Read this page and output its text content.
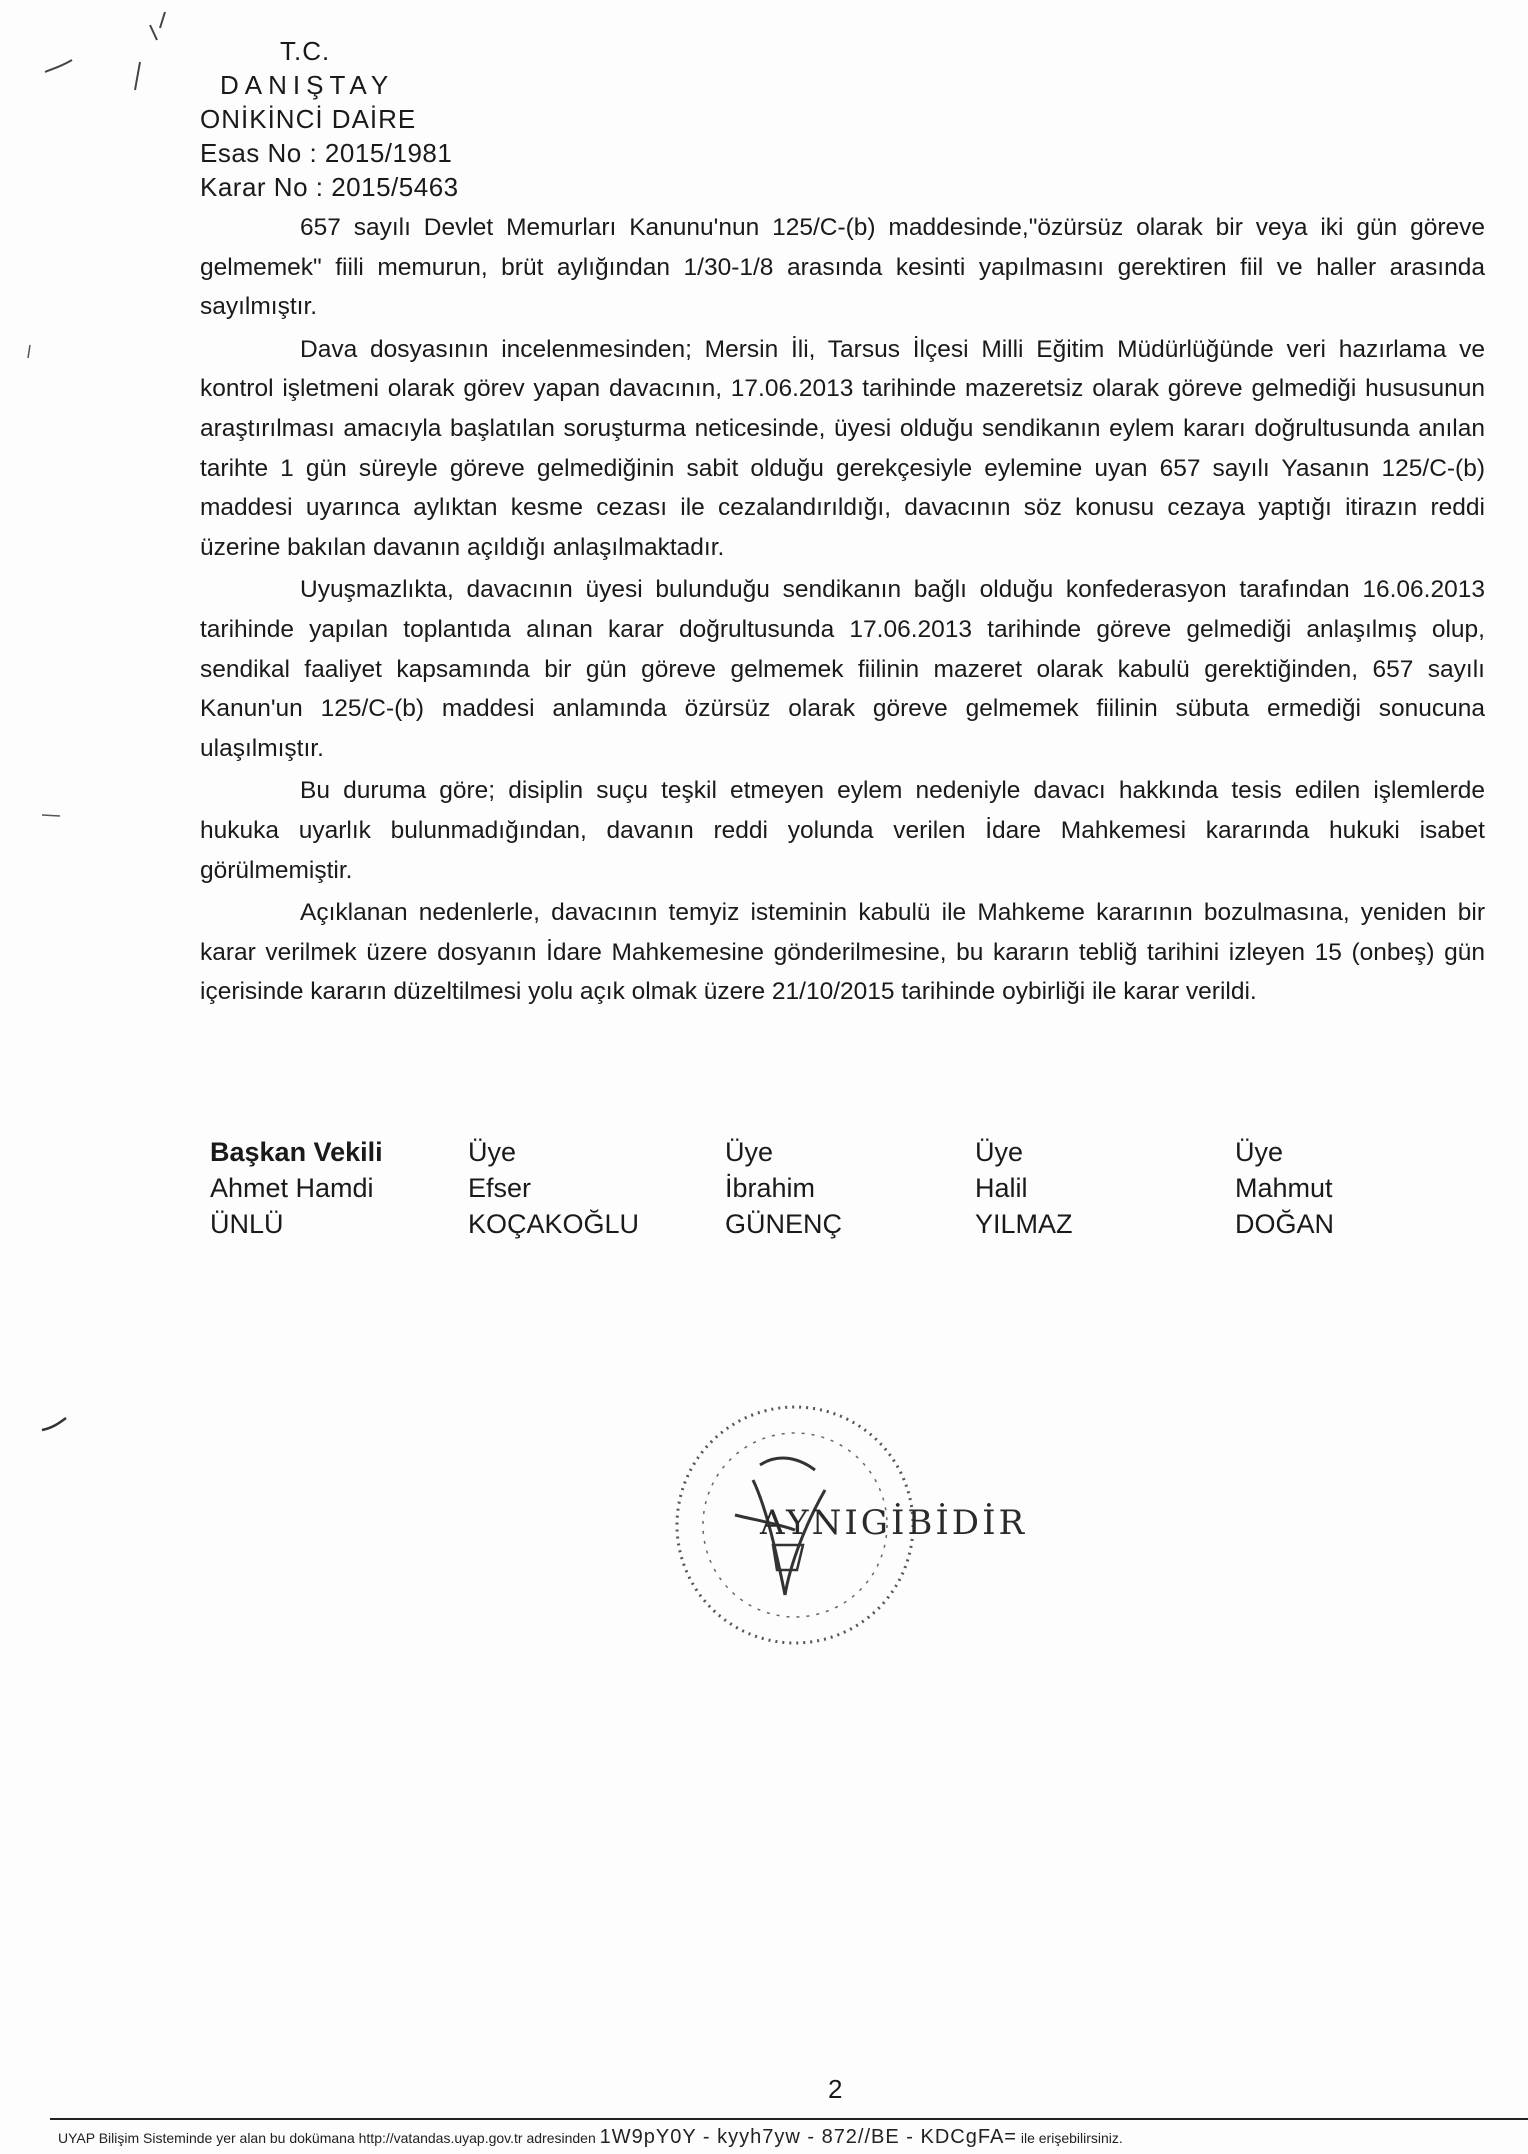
T.C.
DANIŞTAY
ONİKİNCİ DAİRE
Esas No : 2015/1981
Karar No : 2015/5463

657 sayılı Devlet Memurları Kanunu'nun 125/C-(b) maddesinde,"özürsüz olarak bir veya iki gün göreve gelmemek" fiili memurun, brüt aylığından 1/30-1/8 arasında kesinti yapılmasını gerektiren fiil ve haller arasında sayılmıştır.

Dava dosyasının incelenmesinden; Mersin İli, Tarsus İlçesi Milli Eğitim Müdürlüğünde veri hazırlama ve kontrol işletmeni olarak görev yapan davacının, 17.06.2013 tarihinde mazeretsiz olarak göreve gelmediği hususunun araştırılması amacıyla başlatılan soruşturma neticesinde, üyesi olduğu sendikanın eylem kararı doğrultusunda anılan tarihte 1 gün süreyle göreve gelmediğinin sabit olduğu gerekçesiyle eylemine uyan 657 sayılı Yasanın 125/C-(b) maddesi uyarınca aylıktan kesme cezası ile cezalandırıldığı, davacının söz konusu cezaya yaptığı itirazın reddi üzerine bakılan davanın açıldığı anlaşılmaktadır.

Uyuşmazlıkta, davacının üyesi bulunduğu sendikanın bağlı olduğu konfederasyon tarafından 16.06.2013 tarihinde yapılan toplantıda alınan karar doğrultusunda 17.06.2013 tarihinde göreve gelmediği anlaşılmış olup, sendikal faaliyet kapsamında bir gün göreve gelmemek fiilinin mazeret olarak kabulü gerektiğinden, 657 sayılı Kanun'un 125/C-(b) maddesi anlamında özürsüz olarak göreve gelmemek fiilinin sübuta ermediği sonucuna ulaşılmıştır.

Bu duruma göre; disiplin suçu teşkil etmeyen eylem nedeniyle davacı hakkında tesis edilen işlemlerde hukuka uyarlık bulunmadığından, davanın reddi yolunda verilen İdare Mahkemesi kararında hukuki isabet görülmemiştir.

Açıklanan nedenlerle, davacının temyiz isteminin kabulü ile Mahkeme kararının bozulmasına, yeniden bir karar verilmek üzere dosyanın İdare Mahkemesine gönderilmesine, bu kararın tebliğ tarihini izleyen 15 (onbeş) gün içerisinde kararın düzeltilmesi yolu açık olmak üzere 21/10/2015 tarihinde oybirliği ile karar verildi.

Başkan Vekili
Ahmet Hamdi
ÜNLÜ
Üye
Efser
KOÇAKOĞLU
Üye
İbrahim
GÜNENÇ
Üye
Halil
YILMAZ
Üye
Mahmut
DOĞAN
AYNIGİBİDİR
2
UYAP Bilişim Sisteminde yer alan bu dokümana http://vatandas.uyap.gov.tr adresinden 1W9pY0Y - kyyh7yw - 872//BE - KDCgFA= ile erişebilirsiniz.
